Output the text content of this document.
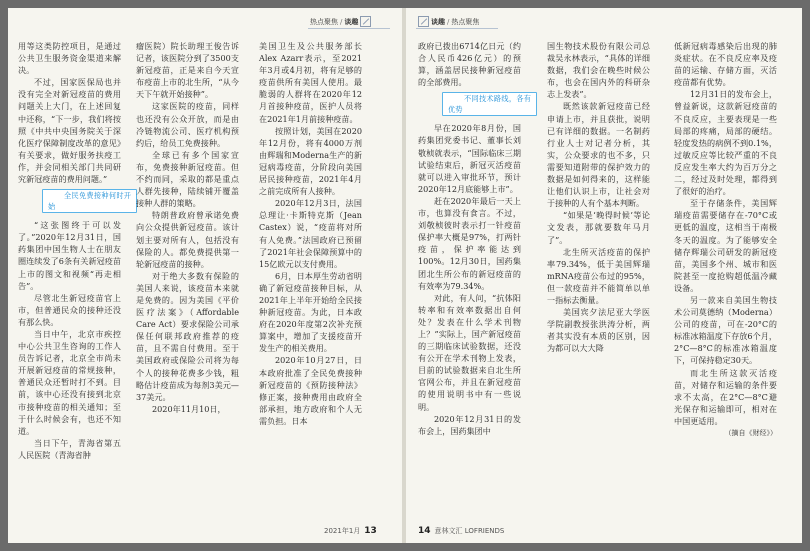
热点聚焦 / 谈趣

用等这类防控项目，是通过公共卫生服务资金渠道来解决。

不过，国家医保局也并没有完全对新冠疫苗的费用问题关上大门，在上述回复中还称，“下一步，我们将按照《中共中央国务院关于深化医疗保障制度改革的意见》有关要求，做好服务扶疫工作，并会同相关部门共同研究新冠疫苗的费用问题。”

全民免费接种何时开始

“这张图终于可以发了。”2020年12月31日，国药集团中国生物人士在朋友圈连续发了6条有关新冠疫苗上市的图文和视频“再走相告”。

尽管北生新冠疫苗官上市，但普通民众的接种还没有那么快。

当日中午，北京市疾控中心公共卫生咨询的工作人员告诉记者，北京全市尚未开展新冠疫苗的常规接种，普通民众还暂时打不到。目前，该中心还没有接到北京市接种疫苗的相关通知；至于什么时候会有，也还不知道。

当日下午，青海省第五人民医院（青海省肿

瘤医院）院长助理王俊告诉记者，该医院分到了3500支新冠疫苗，正是来自今天宣布疫苗上市的北生所，“从今天下午就开始接种”。

这家医院的疫苗，同样也还没有公众开放，而是由冷链物流公司、医疗机构预约后，给员工免费接种。

全球已有多个国家宣布，免费接种新冠疫苗。但不约而同，采取的都是重点人群先接种，陆续铺开覆盖接种人群的策略。

特朗普政府曾承诺免费向公众提供新冠疫苗。该计划主要对所有人，包括没有保险的人。都免费提供第一轮新冠疫苗的接种。

对于绝大多数有保险的美国人来说，该疫苗本来就是免费的。因为美国《平价医疗法案》（Affordable Care Act）要求保险公司承保任何联邦政府推荐的疫苗，且不需自付费用。至于美国政府或保险公司将为每个人的接种花费多少钱，粗略估计疫苗成为每剂3美元—37美元。

2020年11月10日，

美国卫生及公共服务部长Alex Azarr表示，至2021年3月或4月初，将有足够的疫苗供所有美国人使用。最脆弱的人群将在2020年12月首接种疫苗，医护人员将在2021年1月前接种疫苗。

按照计划，美国在2020年12月份，将有4000万剂由辉瑞和Moderna生产的新冠病毒疫苗，分阶段向美国居民接种疫苗，2021年4月之前完成所有人接种。

2020年12月3日，法国总理让·卡斯特克斯（Jean Castex）说，“疫苗将对所有人免费。”法国政府已预留了2021年社会保障预算中的15亿欧元以支付费用。

6月，日本厚生劳动省明确了新冠疫苗接种目标，从2021年上半年开始给全民接种新冠疫苗。为此，日本政府在2020年度第2次补充预算案中，增加了支援疫苗开发生产的相关费用。

2020年10月27日，日本政府批准了全民免费接种新冠疫苗的《预防接种法》修正案，接种费用由政府全部承担，地方政府和个人无需负担。日本

2021年1月 13
谈趣 / 热点聚焦

政府已拨出6714亿日元（约合人民币426亿元）的预算，涵盖居民接种新冠疫苗的全部费用。

不同技术路线，各有优势

早在2020年8月份，国药集团党委书记、董事长刘敬桢就表示，“国际临床三期试验结束后，新冠灭活疫苗就可以进入审批环节，预计2020年12月底能够上市”。

赶在2020年最后一天上市，也算没有食言。不过，刘敬桢彼时表示打一针疫苗保护率大概是97%，打两针疫苗，保护率能达到100%。12月30日，国药集团北生所公布的新冠疫苗的有效率为79.34%。

对此，有人问，“抗体阳转率和有效率数据出自何处？发表在什么学术刊物上？”实际上，国产新冠疫苗的三期临床试验数据，还没有公开在学术刊物上发表，目前的试验数据来自北生所官网公布，并且在新冠疫苗的使用说明书中有一些说明。

2020年12月31日的发布会上，国药集团中

国生物技术股份有限公司总裁吴永林表示，“具体的详细数据，我们会在晚些时候公布，也会在国内外的科研杂志上发表”。

既然该款新冠疫苗已经申请上市，并且获批，说明已有详细的数据。一名制药行业人士对记者分析，其实，公众要求的也不多，只需要知道附带的保护效力的数据是如何得来的，这样能让他们认识上市，让社会对于接种的人有个基本判断。

“如果是‘晚得时候’等论文发表，那就要数年马月了”。

北生所灭活疫苗的保护率79.34%，低于美国辉瑞mRNA疫苗公布过的95%，但一款疫苗并不能简单以单一指标去衡量。

美国宾夕法尼亚大学医学院副教授张洪涛分析，两者其实没有本质的区别，因为都可以大大降

低新冠病毒感染后出现的肺炎症状。在不良反应率及疫苗的运输、存储方面，灭活疫苗都有优势。

12月31日的发布会上，曾益新说，这款新冠疫苗的不良反应，主要表现是一些局部的疼痛，局部的硬结。轻度发热的病例不到0.1%，过敏反应等比较严重的不良反应发生率大约为百万分之二，经过及时处理，都得到了很好的治疗。

至于存储条件，美国辉瑞疫苗需要储存在-70°C或更低的温度，这相当于南极冬天的温度。为了能够安全储存辉瑞公司研发的新冠疫苗，美国多个州、城市和医院甚至一度抢购超低温冷藏设备。

另一款来自美国生物技术公司莫德纳（Moderna）公司的疫苗，可在-20°C的标准冰箱温度下存放6个月，2°C—8°C的标准冰箱温度下，可保持稳定30天。

而北生所这款灭活疫苗，对储存和运输的条件要求不太高，在2°C—8°C避光保存和运输即可，相对在中国更适用。

（摘自《财经》）

14 意林文汇 LOFRIENDS
